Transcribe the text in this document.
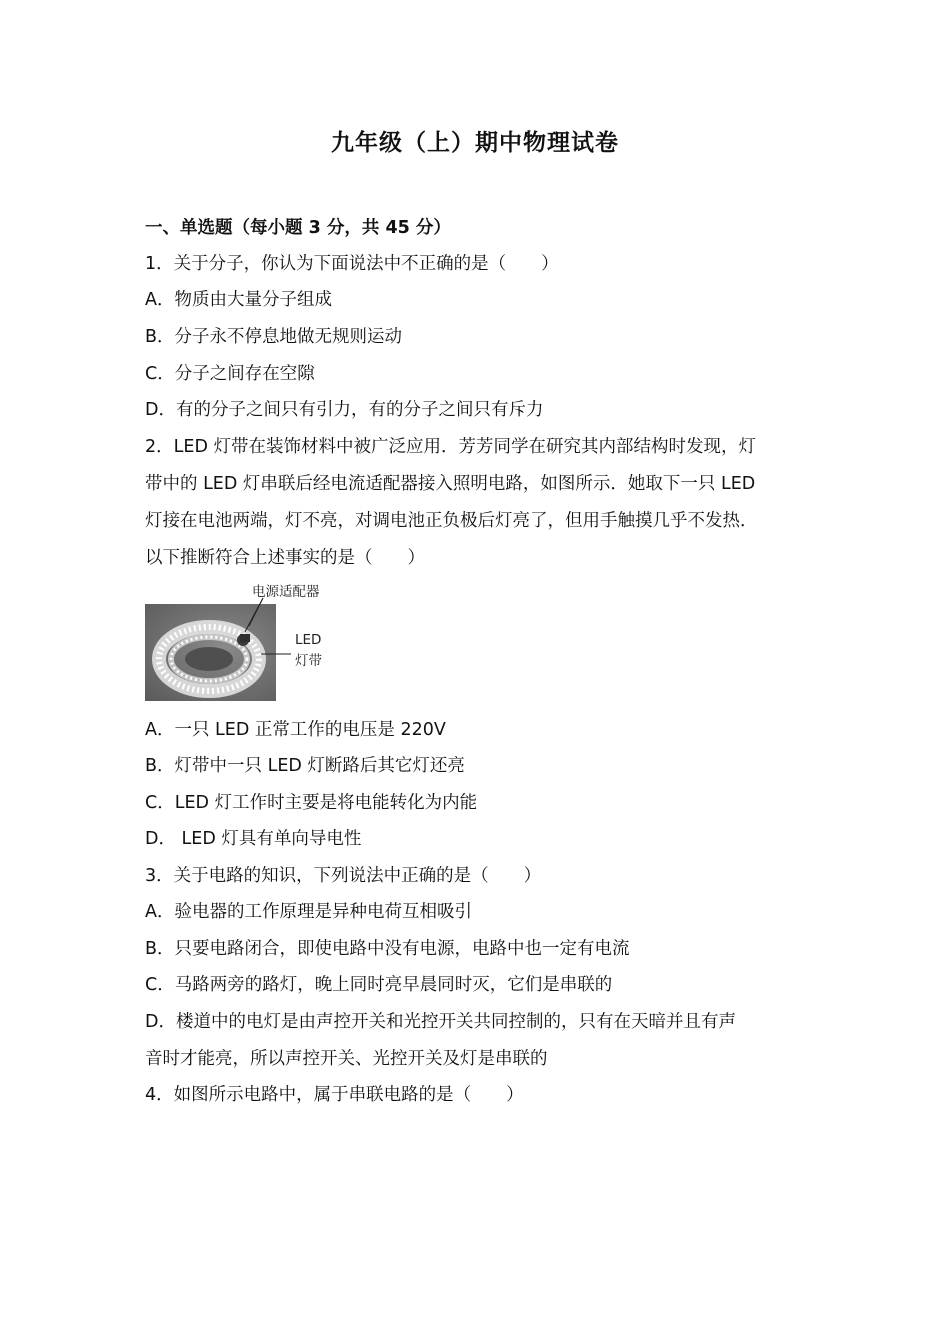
九年级（上）期中物理试卷
一、单选题（每小题 3 分，共 45 分）
1．关于分子，你认为下面说法中不正确的是（　　）
A．物质由大量分子组成
B．分子永不停息地做无规则运动
C．分子之间存在空隙
D．有的分子之间只有引力，有的分子之间只有斥力
2．LED 灯带在装饰材料中被广泛应用．芳芳同学在研究其内部结构时发现，灯
带中的 LED 灯串联后经电流适配器接入照明电路，如图所示．她取下一只 LED
灯接在电池两端，灯不亮，对调电池正负极后灯亮了，但用手触摸几乎不发热．
以下推断符合上述事实的是（　　）
电源适配器
LED
灯带
A．一只 LED 正常工作的电压是 220V
B．灯带中一只 LED 灯断路后其它灯还亮
C．LED 灯工作时主要是将电能转化为内能
D． LED 灯具有单向导电性
3．关于电路的知识，下列说法中正确的是（　　）
A．验电器的工作原理是异种电荷互相吸引
B．只要电路闭合，即使电路中没有电源，电路中也一定有电流
C．马路两旁的路灯，晚上同时亮早晨同时灭，它们是串联的
D．楼道中的电灯是由声控开关和光控开关共同控制的，只有在天暗并且有声
音时才能亮，所以声控开关、光控开关及灯是串联的
4．如图所示电路中，属于串联电路的是（　　）
